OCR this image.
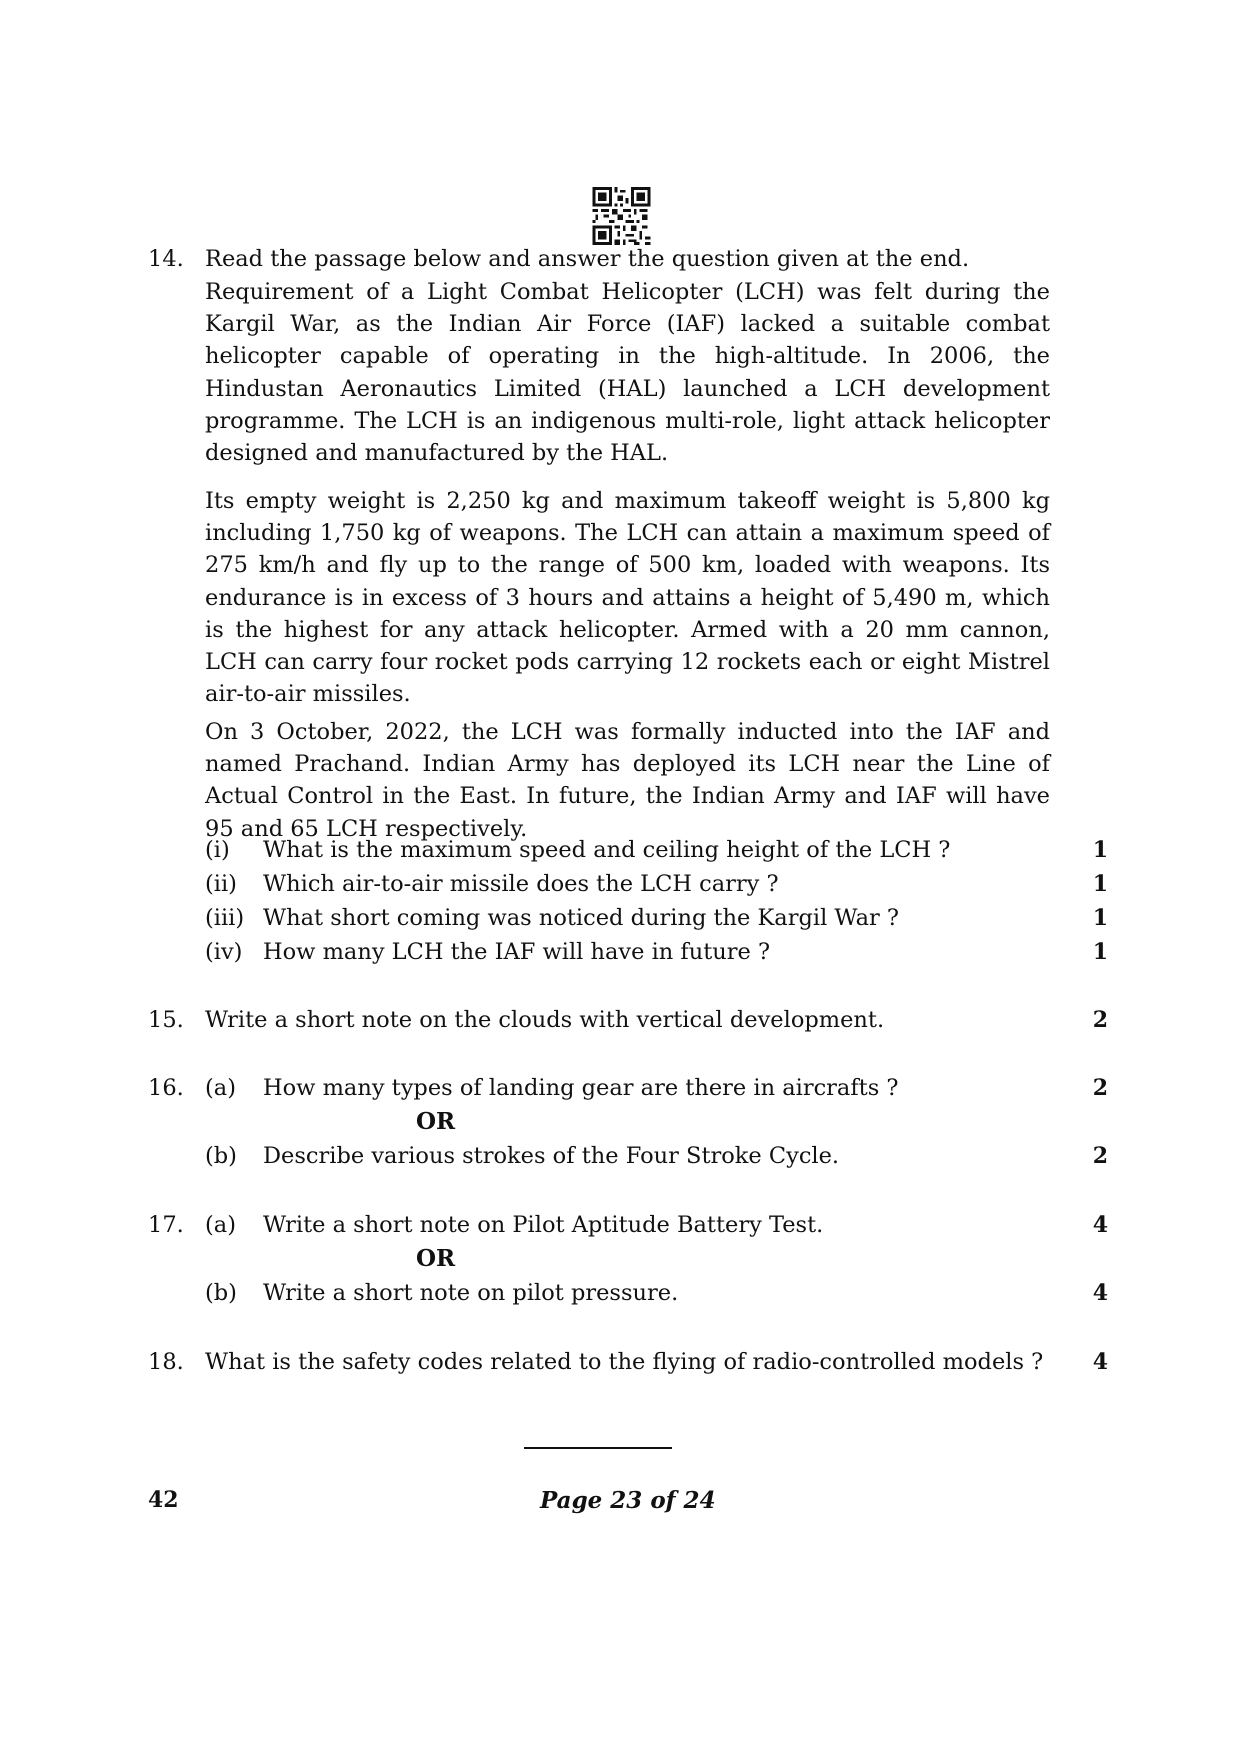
14. Read the passage below and answer the question given at the end.
Requirement of a Light Combat Helicopter (LCH) was felt during the Kargil War, as the Indian Air Force (IAF) lacked a suitable combat helicopter capable of operating in the high-altitude. In 2006, the Hindustan Aeronautics Limited (HAL) launched a LCH development programme. The LCH is an indigenous multi-role, light attack helicopter designed and manufactured by the HAL.
Its empty weight is 2,250 kg and maximum takeoff weight is 5,800 kg including 1,750 kg of weapons. The LCH can attain a maximum speed of 275 km/h and fly up to the range of 500 km, loaded with weapons. Its endurance is in excess of 3 hours and attains a height of 5,490 m, which is the highest for any attack helicopter. Armed with a 20 mm cannon, LCH can carry four rocket pods carrying 12 rockets each or eight Mistrel air-to-air missiles.
On 3 October, 2022, the LCH was formally inducted into the IAF and named Prachand. Indian Army has deployed its LCH near the Line of Actual Control in the East. In future, the Indian Army and IAF will have 95 and 65 LCH respectively.
(i) What is the maximum speed and ceiling height of the LCH ?	1
(ii) Which air-to-air missile does the LCH carry ?	1
(iii) What short coming was noticed during the Kargil War ?	1
(iv) How many LCH the IAF will have in future ?	1
15. Write a short note on the clouds with vertical development.	2
16. (a) How many types of landing gear are there in aircrafts ?	2
OR
(b) Describe various strokes of the Four Stroke Cycle.	2
17. (a) Write a short note on Pilot Aptitude Battery Test.	4
OR
(b) Write a short note on pilot pressure.	4
18. What is the safety codes related to the flying of radio-controlled models ? 4
42	Page 23 of 24
